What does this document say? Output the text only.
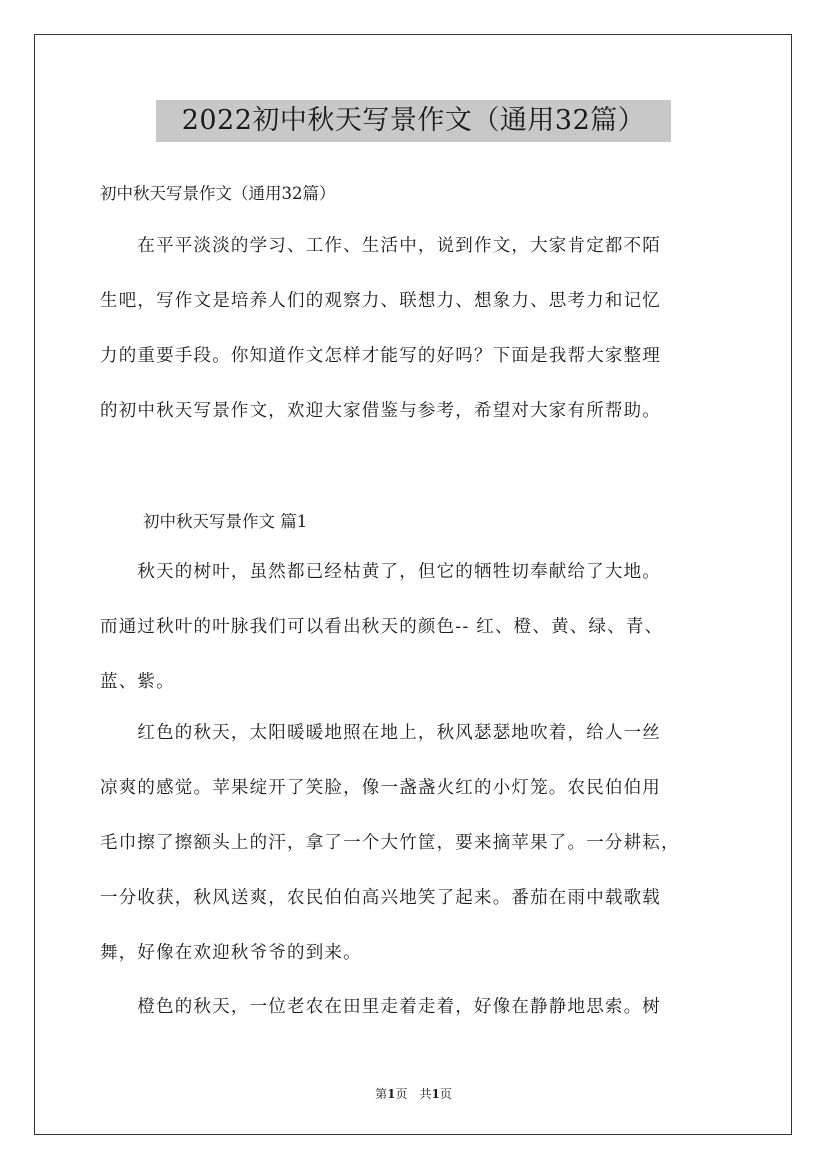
2022初中秋天写景作文（通用32篇）
初中秋天写景作文（通用32篇）
　　在平平淡淡的学习、工作、生活中，说到作文，大家肯定都不陌
生吧，写作文是培养人们的观察力、联想力、想象力、思考力和记忆
力的重要手段。你知道作文怎样才能写的好吗？下面是我帮大家整理
的初中秋天写景作文，欢迎大家借鉴与参考，希望对大家有所帮助。
初中秋天写景作文 篇1
　　秋天的树叶，虽然都已经枯黄了，但它的牺牲切奉献给了大地。
而通过秋叶的叶脉我们可以看出秋天的颜色-- 红、橙、黄、绿、青、
蓝、紫。
　　红色的秋天，太阳暖暖地照在地上，秋风瑟瑟地吹着，给人一丝
凉爽的感觉。苹果绽开了笑脸，像一盏盏火红的小灯笼。农民伯伯用
毛巾擦了擦额头上的汗，拿了一个大竹筐，要来摘苹果了。一分耕耘，
一分收获，秋风送爽，农民伯伯高兴地笑了起来。番茄在雨中载歌载
舞，好像在欢迎秋爷爷的到来。
　　橙色的秋天，一位老农在田里走着走着，好像在静静地思索。树
第1页　共1页
